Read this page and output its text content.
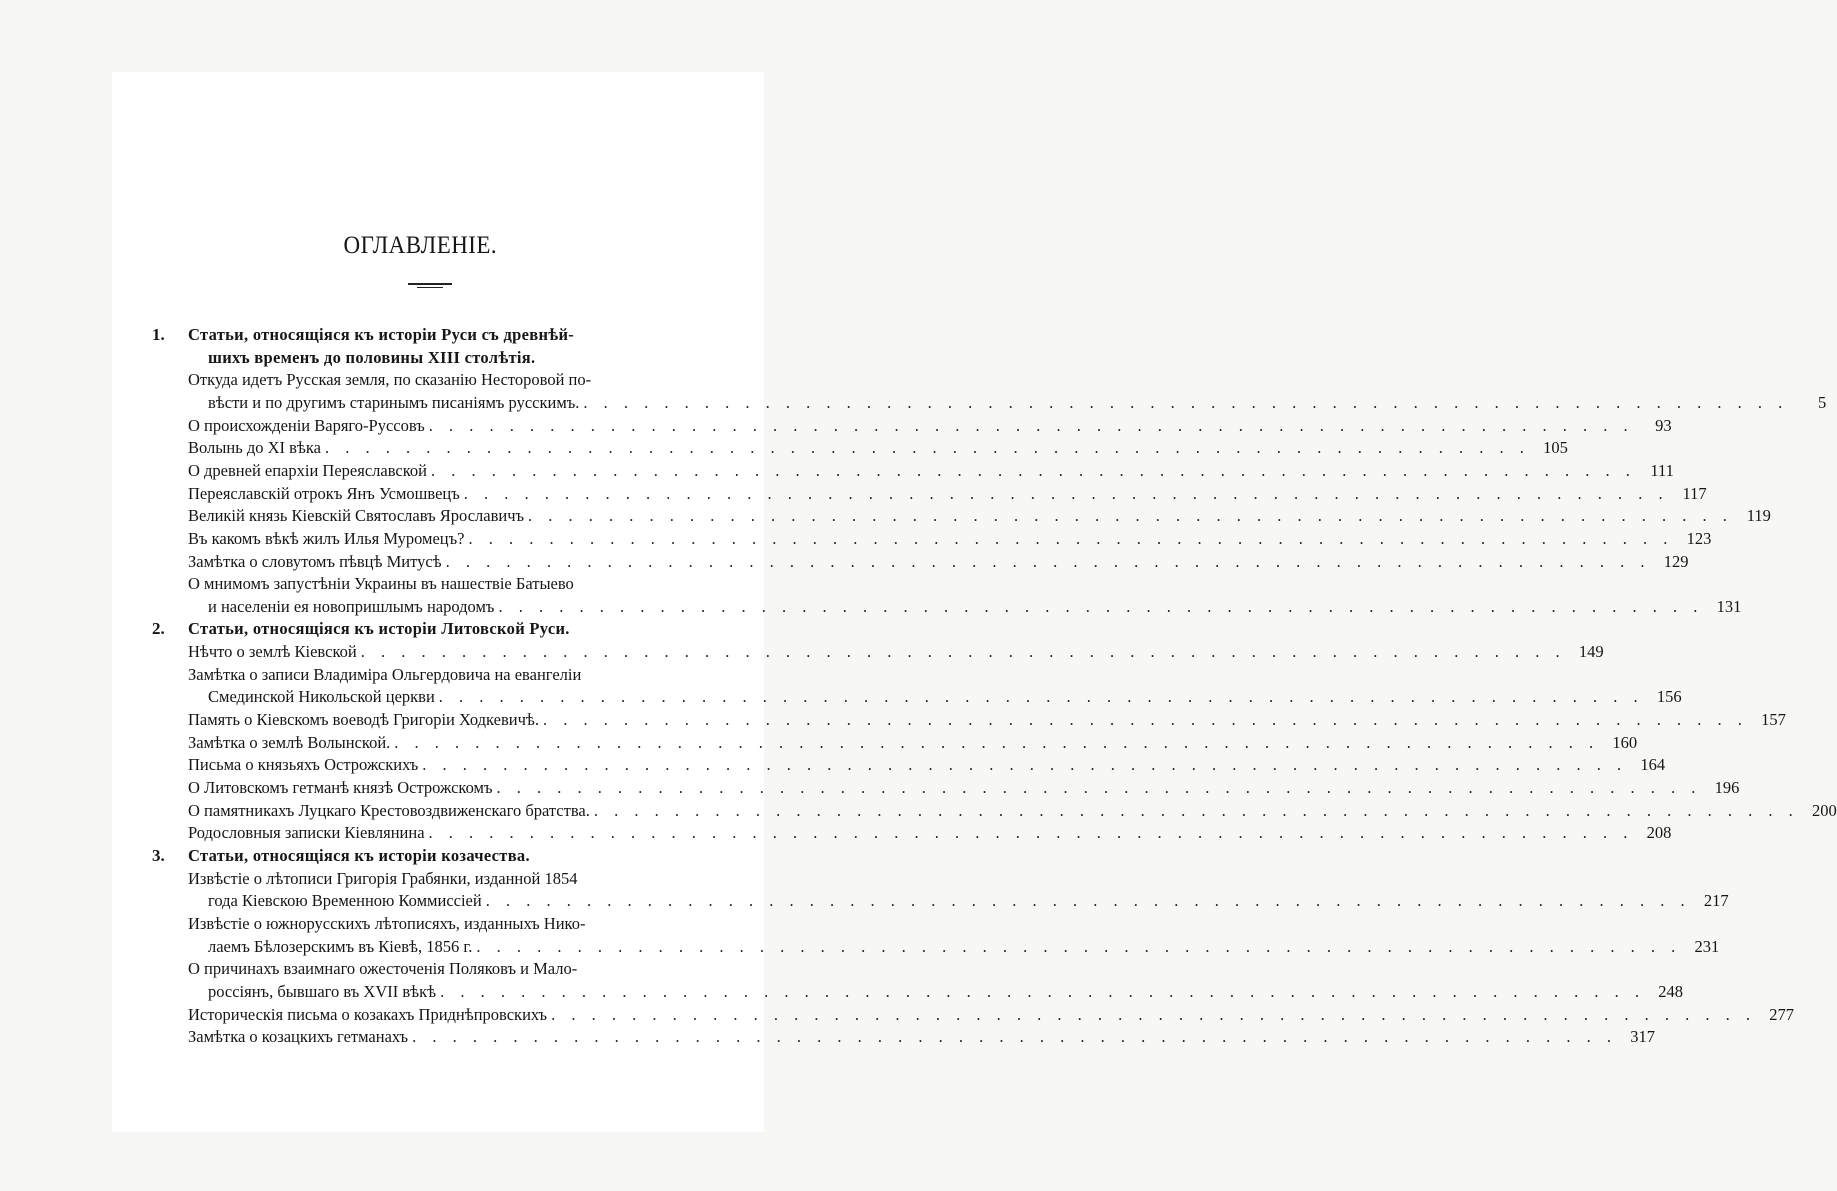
ОГЛАВЛЕНІЕ.
1. Статьи, относящіяся къ исторіи Руси съ древнѣй-
шихъ временъ до половины XIII столѣтія.
Откуда идетъ Русская земля, по сказанію Несторовой по-
вѣсти и по другимъ старинымъ писаніямъ русскимъ. . . . . . . . . . . . . . . . . . . . . . . . . . . . . . . . . . . . . . . . . . . . . . . . . . . . . . . . . . . . .	5
О происхожденіи Варяго-Руссовъ . . . . . . . . . . . . . . . . . . . . . . . . . . . . . . . . . . . . . . . . . . . . . . . . . . . . . . . . . . . .	93
Волынь до XI вѣка . . . . . . . . . . . . . . . . . . . . . . . . . . . . . . . . . . . . . . . . . . . . . . . . . . . . . . . . . . . . 105
О древней епархіи Переяславской . . . . . . . . . . . . . . . . . . . . . . . . . . . . . . . . . . . . . . . . . . . . . . . . . . . . . . . . . . . . 111
Переяславскій отрокъ Янъ Усмошвецъ . . . . . . . . . . . . . . . . . . . . . . . . . . . . . . . . . . . . . . . . . . . . . . . . . . . . . . . . . . . . 117
Великій князь Кіевскій Святославъ Ярославичъ . . . . . . . . . . . . . . . . . . . . . . . . . . . . . . . . . . . . . . . . . . . . . . . . . . . . . . . . . . . . 119
Въ какомъ вѣкѣ жилъ Илья Муромецъ? . . . . . . . . . . . . . . . . . . . . . . . . . . . . . . . . . . . . . . . . . . . . . . . . . . . . . . . . . . . . 123
Замѣтка о словутомъ пѣвцѣ Митусѣ . . . . . . . . . . . . . . . . . . . . . . . . . . . . . . . . . . . . . . . . . . . . . . . . . . . . . . . . . . . . 129
О мнимомъ запустѣніи Украины въ нашествіе Батыево
и населеніи ея новопришлымъ народомъ . . . . . . . . . . . . . . . . . . . . . . . . . . . . . . . . . . . . . . . . . . . . . . . . . . . . . . . . . . . . 131
2. Статьи, относящіяся къ исторіи Литовской Руси.
Нѣчто о землѣ Кіевской . . . . . . . . . . . . . . . . . . . . . . . . . . . . . . . . . . . . . . . . . . . . . . . . . . . . . . . . . . . . 149
Замѣтка о записи Владиміра Ольгердовича на евангеліи
Смединской Никольской церкви . . . . . . . . . . . . . . . . . . . . . . . . . . . . . . . . . . . . . . . . . . . . . . . . . . . . . . . . . . . . 156
Память о Кіевскомъ воеводѣ Григоріи Ходкевичѣ. . . . . . . . . . . . . . . . . . . . . . . . . . . . . . . . . . . . . . . . . . . . . . . . . . . . . . . . . . . . . 157
Замѣтка о землѣ Волынской. . . . . . . . . . . . . . . . . . . . . . . . . . . . . . . . . . . . . . . . . . . . . . . . . . . . . . . . . . . . . 160
Письма о князьяхъ Острожскихъ . . . . . . . . . . . . . . . . . . . . . . . . . . . . . . . . . . . . . . . . . . . . . . . . . . . . . . . . . . . . 164
О Литовскомъ гетманѣ князѣ Острожскомъ . . . . . . . . . . . . . . . . . . . . . . . . . . . . . . . . . . . . . . . . . . . . . . . . . . . . . . . . . . . . 196
О памятникахъ Луцкаго Крестовоздвиженскаго братства. . . . . . . . . . . . . . . . . . . . . . . . . . . . . . . . . . . . . . . . . . . . . . . . . . . . . . . . . . . . . 200
Родословныя записки Кіевлянина . . . . . . . . . . . . . . . . . . . . . . . . . . . . . . . . . . . . . . . . . . . . . . . . . . . . . . . . . . . . 208
3. Статьи, относящіяся къ исторіи козачества.
Извѣстіе о лѣтописи Григорія Грабянки, изданной 1854
года Кіевскою Временною Коммиссіей . . . . . . . . . . . . . . . . . . . . . . . . . . . . . . . . . . . . . . . . . . . . . . . . . . . . . . . . . . . . 217
Извѣстіе о южнорусскихъ лѣтописяхъ, изданныхъ Нико-
лаемъ Бѣлозерскимъ въ Кіевѣ, 1856 г. . . . . . . . . . . . . . . . . . . . . . . . . . . . . . . . . . . . . . . . . . . . . . . . . . . . . . . . . . . . . 231
О причинахъ взаимнаго ожесточенія Поляковъ и Мало-
россіянъ, бывшаго въ XVII вѣкѣ . . . . . . . . . . . . . . . . . . . . . . . . . . . . . . . . . . . . . . . . . . . . . . . . . . . . . . . . . . . . 248
Историческія письма о козакахъ Приднѣпровскихъ . . . . . . . . . . . . . . . . . . . . . . . . . . . . . . . . . . . . . . . . . . . . . . . . . . . . . . . . . . . . 277
Замѣтка о козацкихъ гетманахъ . . . . . . . . . . . . . . . . . . . . . . . . . . . . . . . . . . . . . . . . . . . . . . . . . . . . . . . . . . . . 317
